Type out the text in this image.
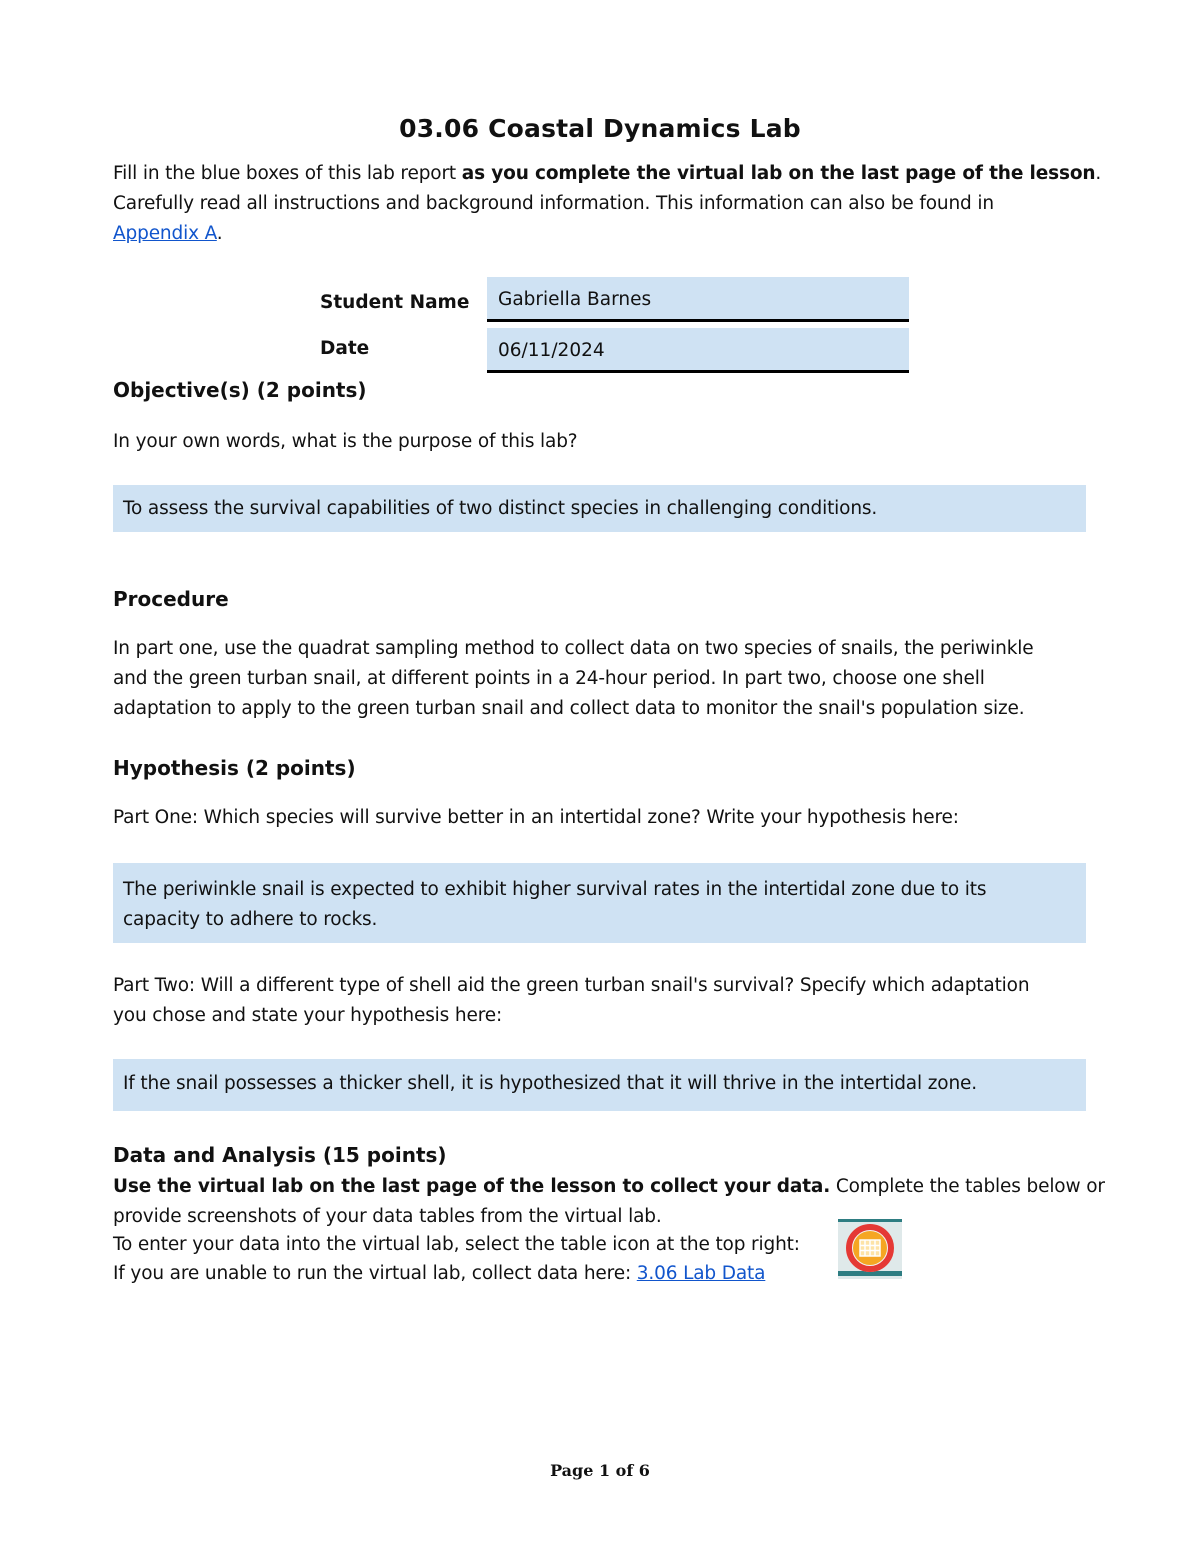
03.06 Coastal Dynamics Lab
Fill in the blue boxes of this lab report as you complete the virtual lab on the last page of the lesson.
Carefully read all instructions and background information. This information can also be found in
Appendix A.
Student Name	Gabriella Barnes
Date	06/11/2024
Objective(s) (2 points)
In your own words, what is the purpose of this lab?
To assess the survival capabilities of two distinct species in challenging conditions.
Procedure
In part one, use the quadrat sampling method to collect data on two species of snails, the periwinkle
and the green turban snail, at different points in a 24-hour period. In part two, choose one shell
adaptation to apply to the green turban snail and collect data to monitor the snail's population size.
Hypothesis (2 points)
Part One: Which species will survive better in an intertidal zone? Write your hypothesis here:
The periwinkle snail is expected to exhibit higher survival rates in the intertidal zone due to its
capacity to adhere to rocks.
Part Two: Will a different type of shell aid the green turban snail's survival? Specify which adaptation
you chose and state your hypothesis here:
If the snail possesses a thicker shell, it is hypothesized that it will thrive in the intertidal zone.
Data and Analysis (15 points)
Use the virtual lab on the last page of the lesson to collect your data. Complete the tables below or
provide screenshots of your data tables from the virtual lab.
To enter your data into the virtual lab, select the table icon at the top right:
If you are unable to run the virtual lab, collect data here: 3.06 Lab Data
Page 1 of 6
